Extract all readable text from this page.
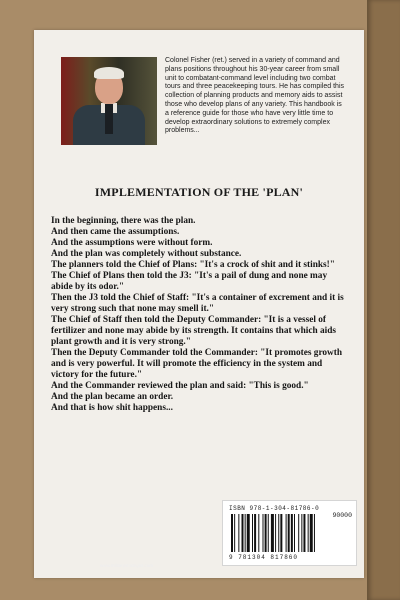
Colonel Fisher (ret.) served in a variety of command and plans positions throughout his 30-year career from small unit to combatant-command level including two combat tours and three peacekeeping tours. He has compiled this collection of planning products and memory aids to assist those who develop plans of any variety. This handbook is a reference guide for those who have very little time to develop extraordinary solutions to extremely complex problems...
IMPLEMENTATION OF THE 'PLAN'

In the beginning, there was the plan.

And then came the assumptions.

And the assumptions were without form.

And the plan was completely without substance.

The planners told the Chief of Plans: "It's a crock of shit and it stinks!"

The Chief of Plans then told the J3: "It's a pail of dung and none may abide by its odor."

Then the J3 told the Chief of Staff: "It's a container of excrement and it is very strong such that none may smell it."

The Chief of Staff then told the Deputy Commander: "It is a vessel of fertilizer and none may abide by its strength. It contains that which aids plant growth and it is very strong."

Then the Deputy Commander told the Commander: "It promotes growth and is very powerful. It will promote the efficiency in the system and victory for the future."

And the Commander reviewed the plan and said: "This is good."

And the plan became an order.

And that is how shit happens...

ISBN 978-1-304-81786-0
90000
9 781304 817860
www.militarystrategist.com
